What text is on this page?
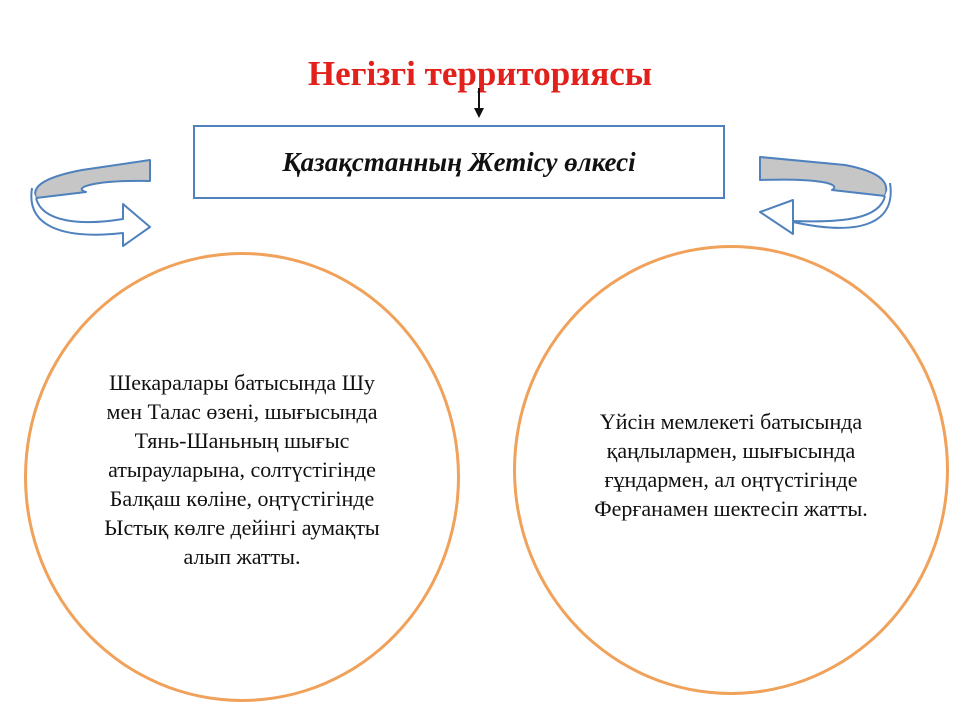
Негізгі территориясы
Қазақстанның Жетісу өлкесі

Шекаралары батысында Шу мен Талас өзені, шығысында Тянь-Шаньның шығыс атырауларына, солтүстігінде Балқаш көліне, оңтүстігінде Ыстық көлге дейінгі аумақты алып жатты.

Үйсін мемлекеті батысында қаңлылармен, шығысында ғұндармен, ал оңтүстігінде Ферғанамен шектесіп жатты.
